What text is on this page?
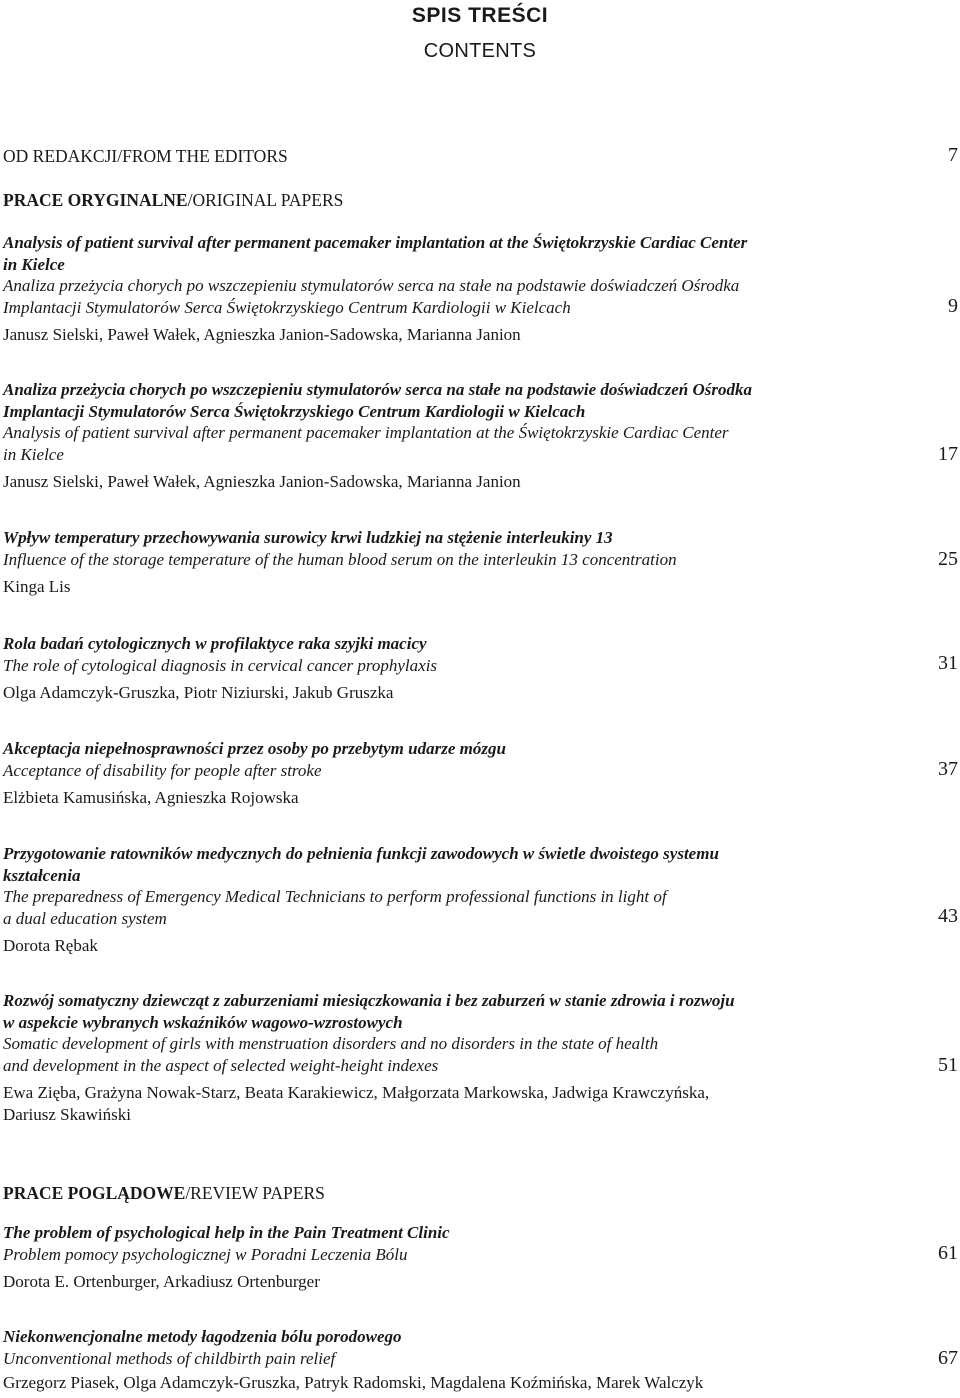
SPIS TREŚCI
CONTENTS
OD REDAKCJI/FROM THE EDITORS	7
PRACE ORYGINALNE/ORIGINAL PAPERS
Analysis of patient survival after permanent pacemaker implantation at the Świętokrzyskie Cardiac Center
in Kielce
Analiza przeżycia chorych po wszczepieniu stymulatorów serca na stałe na podstawie doświadczeń Ośrodka
Implantacji Stymulatorów Serca Świętokrzyskiego Centrum Kardiologii w Kielcach
Janusz Sielski, Paweł Wałek, Agnieszka Janion-Sadowska, Marianna Janion
9
Analiza przeżycia chorych po wszczepieniu stymulatorów serca na stałe na podstawie doświadczeń Ośrodka
Implantacji Stymulatorów Serca Świętokrzyskiego Centrum Kardiologii w Kielcach
Analysis of patient survival after permanent pacemaker implantation at the Świętokrzyskie Cardiac Center
in Kielce
Janusz Sielski, Paweł Wałek, Agnieszka Janion-Sadowska, Marianna Janion
17
Wpływ temperatury przechowywania surowicy krwi ludzkiej na stężenie interleukiny 13
Influence of the storage temperature of the human blood serum on the interleukin 13 concentration
Kinga Lis
25
Rola badań cytologicznych w profilaktyce raka szyjki macicy
The role of cytological diagnosis in cervical cancer prophylaxis
Olga Adamczyk-Gruszka, Piotr Niziurski, Jakub Gruszka
31
Akceptacja niepełnosprawności przez osoby po przebytym udarze mózgu
Acceptance of disability for people after stroke
Elżbieta Kamusińska, Agnieszka Rojowska
37
Przygotowanie ratowników medycznych do pełnienia funkcji zawodowych w świetle dwoistego systemu
kształcenia
The preparedness of Emergency Medical Technicians to perform professional functions in light of
a dual education system
Dorota Rębak
43
Rozwój somatyczny dziewcząt z zaburzeniami miesiączkowania i bez zaburzeń w stanie zdrowia i rozwoju
w aspekcie wybranych wskaźników wagowo-wzrostowych
Somatic development of girls with menstruation disorders and no disorders in the state of health
and development in the aspect of selected weight-height indexes
Ewa Zięba, Grażyna Nowak-Starz, Beata Karakiewicz, Małgorzata Markowska, Jadwiga Krawczyńska,
Dariusz Skawiński
51
PRACE POGLĄDOWE/REVIEW PAPERS
The problem of psychological help in the Pain Treatment Clinic
Problem pomocy psychologicznej w Poradni Leczenia Bólu
Dorota E. Ortenburger, Arkadiusz Ortenburger
61
Niekonwencjonalne metody łagodzenia bólu porodowego
Unconventional methods of childbirth pain relief
Grzegorz Piasek, Olga Adamczyk-Gruszka, Patryk Radomski, Magdalena Koźmińska, Marek Walczyk
67
